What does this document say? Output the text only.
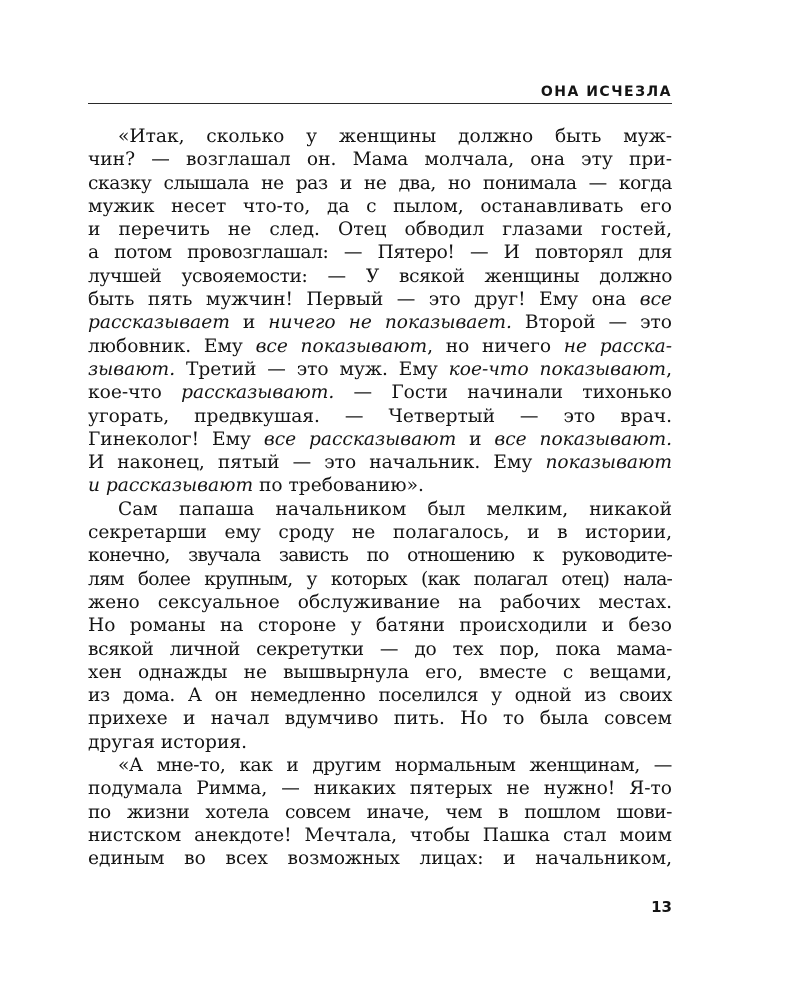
ОНА ИСЧЕЗЛА
«Итак, сколько у женщины должно быть муж-
чин? — возглашал он. Мама молчала, она эту при-
сказку слышала не раз и не два, но понимала — когда
мужик несет что-то, да с пылом, останавливать его
и перечить не след. Отец обводил глазами гостей,
а потом провозглашал: — Пятеро! — И повторял для
лучшей усвояемости: — У всякой женщины должно
быть пять мужчин! Первый — это друг! Ему она все
рассказывает и ничего не показывает. Второй — это
любовник. Ему все показывают, но ничего не расска-
зывают. Третий — это муж. Ему кое-что показывают,
кое-что рассказывают. — Гости начинали тихонько
угорать, предвкушая. — Четвертый — это врач.
Гинеколог! Ему все рассказывают и все показывают.
И наконец, пятый — это начальник. Ему показывают
и рассказывают по требованию».
Сам папаша начальником был мелким, никакой
секретарши ему сроду не полагалось, и в истории,
конечно, звучала зависть по отношению к руководите-
лям более крупным, у которых (как полагал отец) нала-
жено сексуальное обслуживание на рабочих местах.
Но романы на стороне у батяни происходили и безо
всякой личной секретутки — до тех пор, пока мама-
хен однажды не вышвырнула его, вместе с вещами,
из дома. А он немедленно поселился у одной из своих
прихехе и начал вдумчиво пить. Но то была совсем
другая история.
«А мне-то, как и другим нормальным женщинам, —
подумала Римма, — никаких пятерых не нужно! Я-то
по жизни хотела совсем иначе, чем в пошлом шови-
нистском анекдоте! Мечтала, чтобы Пашка стал моим
единым во всех возможных лицах: и начальником,
13
